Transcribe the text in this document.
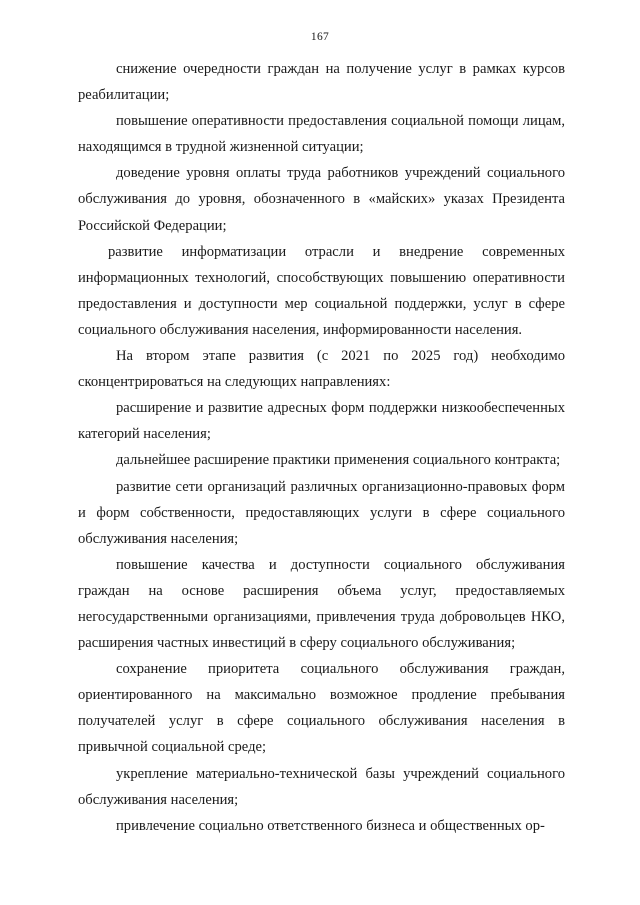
167

снижение очередности граждан на получение услуг в рамках курсов реабилитации;

повышение оперативности предоставления социальной помощи лицам, находящимся в трудной жизненной ситуации;

доведение уровня оплаты труда работников учреждений социального обслуживания до уровня, обозначенного в «майских» указах Президента Российской Федерации;

развитие информатизации отрасли и внедрение современных информационных технологий, способствующих повышению оперативности предоставления и доступности мер социальной поддержки, услуг в сфере социального обслуживания населения, информированности населения.

На втором этапе развития (с 2021 по 2025 год) необходимо сконцентрироваться на следующих направлениях:

расширение и развитие адресных форм поддержки низкообеспеченных категорий населения;

дальнейшее расширение практики применения социального контракта;

развитие сети организаций различных организационно-правовых форм и форм собственности, предоставляющих услуги в сфере социального обслуживания населения;

повышение качества и доступности социального обслуживания граждан на основе расширения объема услуг, предоставляемых негосударственными организациями, привлечения труда добровольцев НКО, расширения частных инвестиций в сферу социального обслуживания;

сохранение приоритета социального обслуживания граждан, ориентированного на максимально возможное продление пребывания получателей услуг в сфере социального обслуживания населения в привычной социальной среде;

укрепление материально-технической базы учреждений социального обслуживания населения;

привлечение социально ответственного бизнеса и общественных ор-
